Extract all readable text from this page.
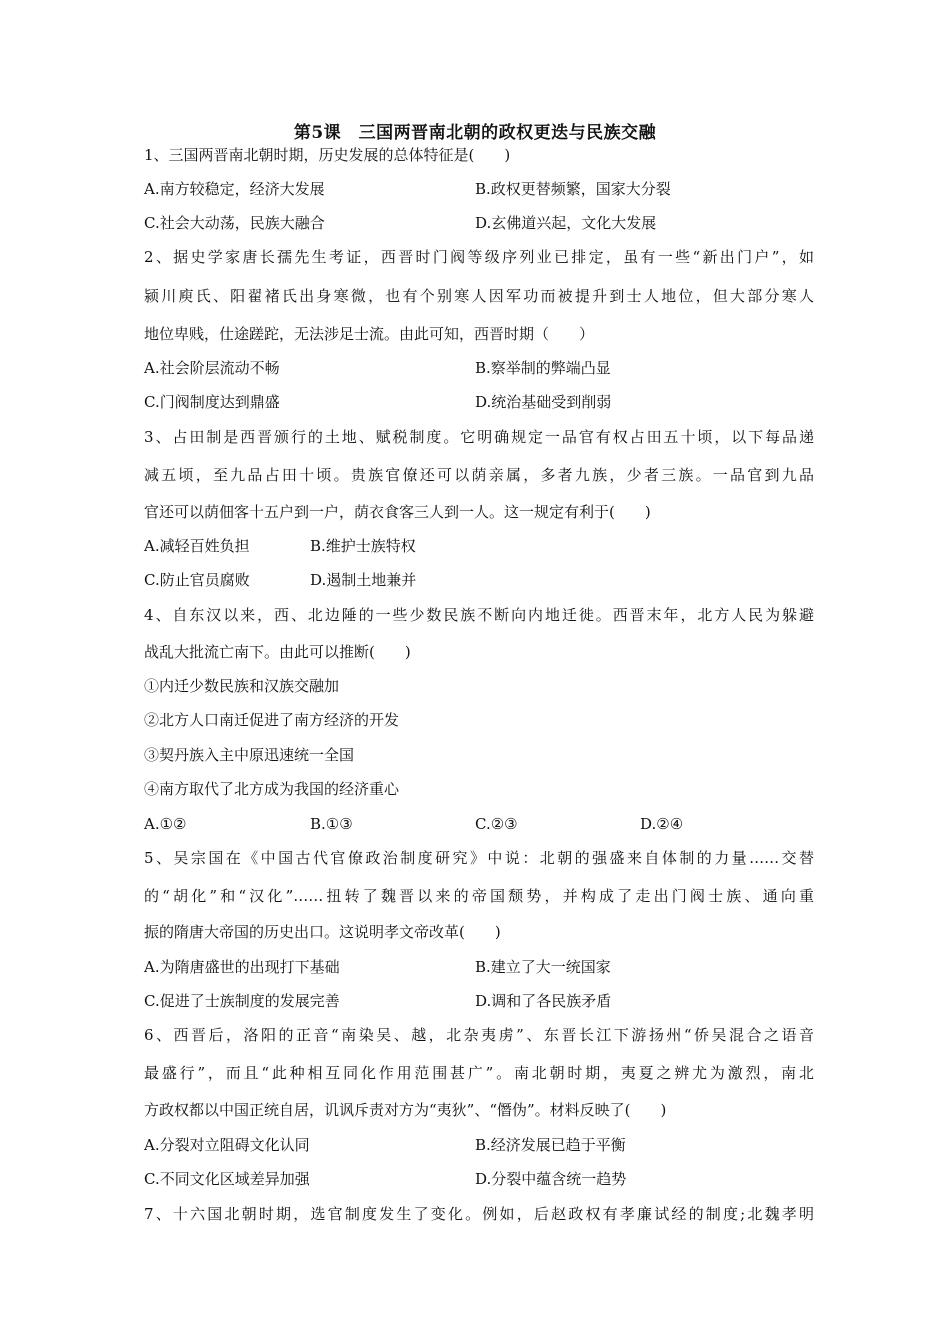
第5课　三国两晋南北朝的政权更迭与民族交融
1、三国两晋南北朝时期，历史发展的总体特征是(　　)
A.南方较稳定，经济大发展	B.政权更替频繁，国家大分裂
C.社会大动荡，民族大融合	D.玄佛道兴起，文化大发展
2、据史学家唐长孺先生考证，西晋时门阀等级序列业已排定，虽有一些“新出门户”，如
颍川庾氏、阳翟褚氏出身寒微，也有个别寒人因军功而被提升到士人地位，但大部分寒人
地位卑贱，仕途蹉跎，无法涉足士流。由此可知，西晋时期（　　）
A.社会阶层流动不畅	B.察举制的弊端凸显
C.门阀制度达到鼎盛	D.统治基础受到削弱
3、占田制是西晋颁行的土地、赋税制度。它明确规定一品官有权占田五十顷，以下每品递
减五顷，至九品占田十顷。贵族官僚还可以荫亲属，多者九族，少者三族。一品官到九品
官还可以荫佃客十五户到一户，荫衣食客三人到一人。这一规定有利于(　　)
A.减轻百姓负担	B.维护士族特权
C.防止官员腐败	D.遏制土地兼并
4、自东汉以来，西、北边陲的一些少数民族不断向内地迁徙。西晋末年，北方人民为躲避
战乱大批流亡南下。由此可以推断(　　)
①内迁少数民族和汉族交融加
②北方人口南迁促进了南方经济的开发
③契丹族入主中原迅速统一全国
④南方取代了北方成为我国的经济重心
A.①②	B.①③	C.②③	D.②④
5、吴宗国在《中国古代官僚政治制度研究》中说：北朝的强盛来自体制的力量……交替
的“胡化”和“汉化”……扭转了魏晋以来的帝国颓势，并构成了走出门阀士族、通向重
振的隋唐大帝国的历史出口。这说明孝文帝改革(　　)
A.为隋唐盛世的出现打下基础	B.建立了大一统国家
C.促进了士族制度的发展完善	D.调和了各民族矛盾
6、西晋后，洛阳的正音“南染吴、越，北杂夷虏”、东晋长江下游扬州“侨吴混合之语音
最盛行”，而且“此种相互同化作用范围甚广”。南北朝时期，夷夏之辨尤为激烈，南北
方政权都以中国正统自居，讥讽斥责对方为“夷狄”、“僭伪”。材料反映了(　　)
A.分裂对立阻碍文化认同	B.经济发展已趋于平衡
C.不同文化区域差异加强	D.分裂中蕴含统一趋势
7、十六国北朝时期，选官制度发生了变化。例如，后赵政权有孝廉试经的制度;北魏孝明
